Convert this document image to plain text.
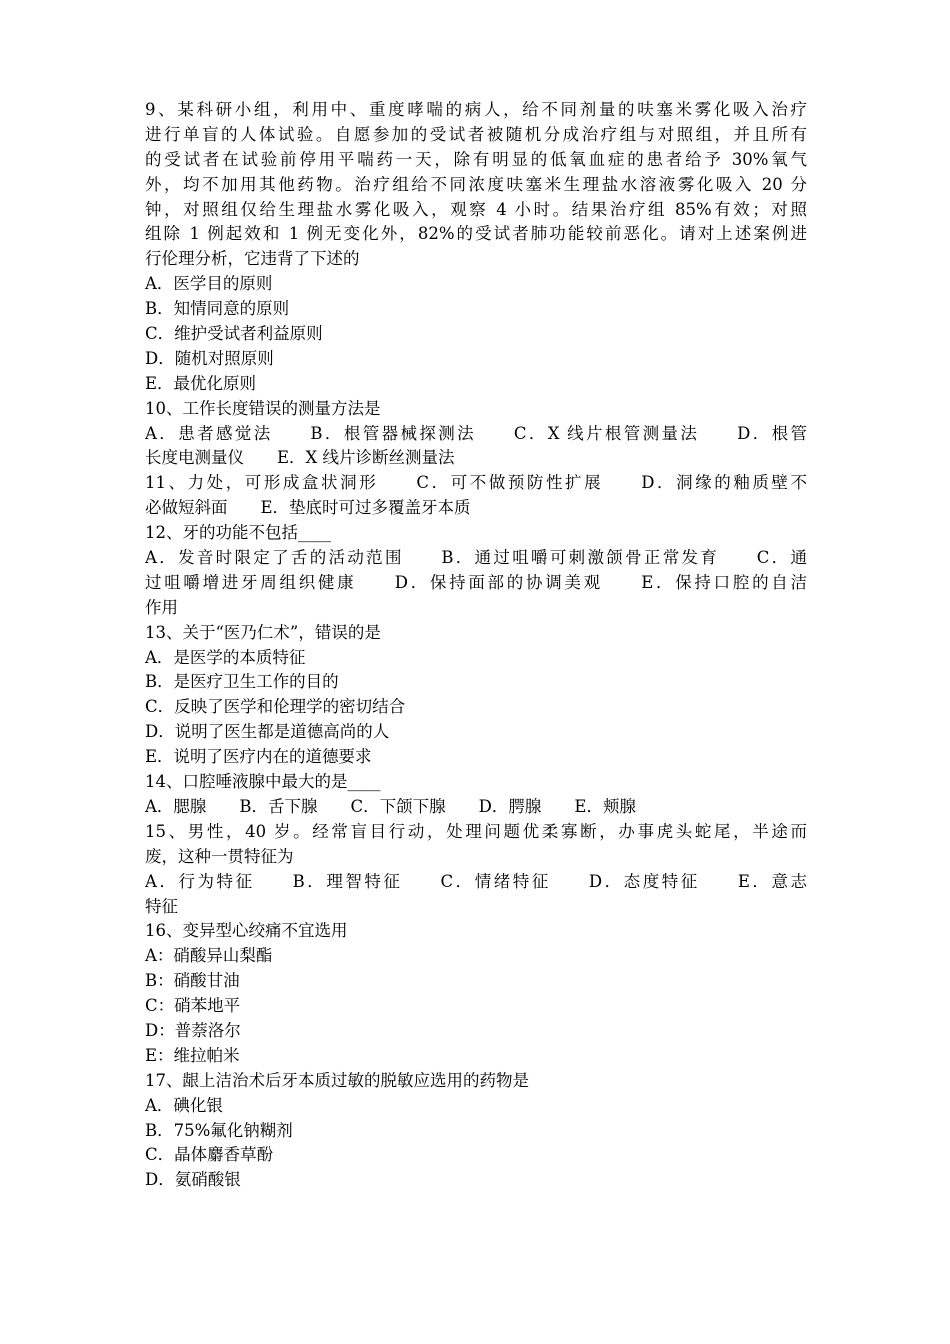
9、某科研小组，利用中、重度哮喘的病人，给不同剂量的呋塞米雾化吸入治疗
进行单盲的人体试验。自愿参加的受试者被随机分成治疗组与对照组，并且所有
的受试者在试验前停用平喘药一天，除有明显的低氧血症的患者给予 30%氧气
外，均不加用其他药物。治疗组给不同浓度呋塞米生理盐水溶液雾化吸入 20 分
钟，对照组仅给生理盐水雾化吸入，观察 4 小时。结果治疗组 85%有效；对照
组除 1 例起效和 1 例无变化外，82%的受试者肺功能较前恶化。请对上述案例进
行伦理分析，它违背了下述的
A．医学目的原则
B．知情同意的原则
C．维护受试者利益原则
D．随机对照原则
E．最优化原则
10、工作长度错误的测量方法是
A．患者感觉法　　B．根管器械探测法　　C．X 线片根管测量法　　D．根管
长度电测量仪　　E．X 线片诊断丝测量法
11、力处，可形成盒状洞形　　C．可不做预防性扩展　　D．洞缘的釉质壁不
必做短斜面　　E．垫底时可过多覆盖牙本质
12、牙的功能不包括____
A．发音时限定了舌的活动范围　　B．通过咀嚼可刺激颌骨正常发育　　C．通
过咀嚼增进牙周组织健康　　D．保持面部的协调美观　　E．保持口腔的自洁
作用
13、关于“医乃仁术”，错误的是
A．是医学的本质特征
B．是医疗卫生工作的目的
C．反映了医学和伦理学的密切结合
D．说明了医生都是道德高尚的人
E．说明了医疗内在的道德要求
14、口腔唾液腺中最大的是____
A．腮腺　　B．舌下腺　　C．下颌下腺　　D．腭腺　　E．颊腺
15、男性，40 岁。经常盲目行动，处理问题优柔寡断，办事虎头蛇尾，半途而
废，这种一贯特征为
A．行为特征　　B．理智特征　　C．情绪特征　　D．态度特征　　E．意志
特征
16、变异型心绞痛不宜选用
A：硝酸异山梨酯
B：硝酸甘油
C：硝苯地平
D：普萘洛尔
E：维拉帕米
17、龈上洁治术后牙本质过敏的脱敏应选用的药物是
A．碘化银
B．75%氟化钠糊剂
C．晶体麝香草酚
D．氨硝酸银
